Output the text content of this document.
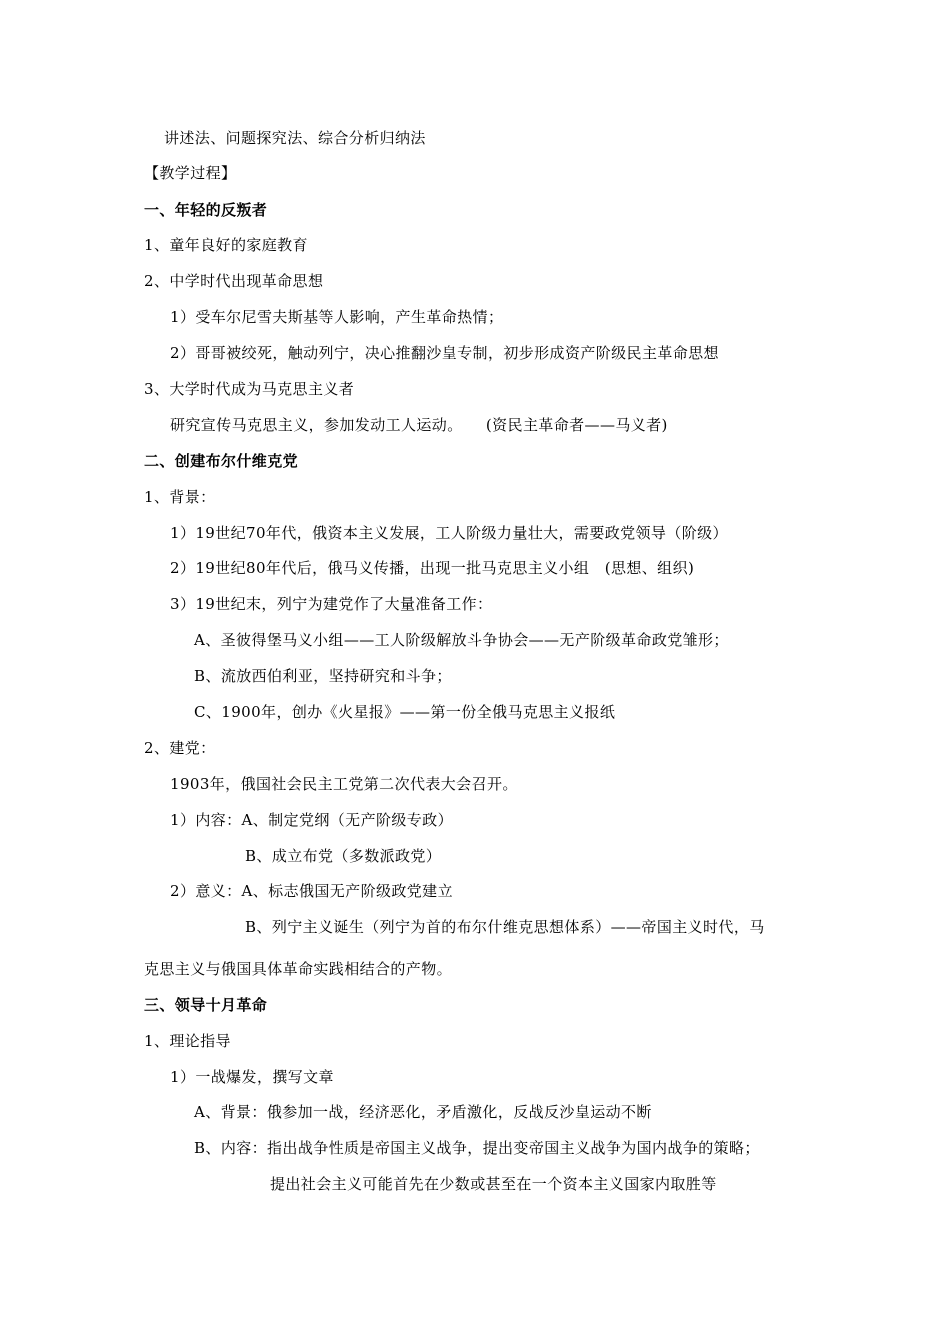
讲述法、问题探究法、综合分析归纳法
【教学过程】
一、年轻的反叛者
1、童年良好的家庭教育
2、中学时代出现革命思想
1）受车尔尼雪夫斯基等人影响，产生革命热情；
2）哥哥被绞死，触动列宁，决心推翻沙皇专制，初步形成资产阶级民主革命思想
3、大学时代成为马克思主义者
研究宣传马克思主义，参加发动工人运动。　　(资民主革命者——马义者)
二、创建布尔什维克党
1、背景：
1）19世纪70年代，俄资本主义发展，工人阶级力量壮大，需要政党领导（阶级）
2）19世纪80年代后，俄马义传播，出现一批马克思主义小组　(思想、组织)
3）19世纪末，列宁为建党作了大量准备工作：
A、圣彼得堡马义小组——工人阶级解放斗争协会——无产阶级革命政党雏形；
B、流放西伯利亚，坚持研究和斗争；
C、1900年，创办《火星报》——第一份全俄马克思主义报纸
2、建党：
1903年，俄国社会民主工党第二次代表大会召开。
1）内容：A、制定党纲（无产阶级专政）
B、成立布党（多数派政党）
2）意义：A、标志俄国无产阶级政党建立
B、列宁主义诞生（列宁为首的布尔什维克思想体系）——帝国主义时代，马
克思主义与俄国具体革命实践相结合的产物。
三、领导十月革命
1、理论指导
1）一战爆发，撰写文章
A、背景：俄参加一战，经济恶化，矛盾激化，反战反沙皇运动不断
B、内容：指出战争性质是帝国主义战争，提出变帝国主义战争为国内战争的策略；
提出社会主义可能首先在少数或甚至在一个资本主义国家内取胜等
